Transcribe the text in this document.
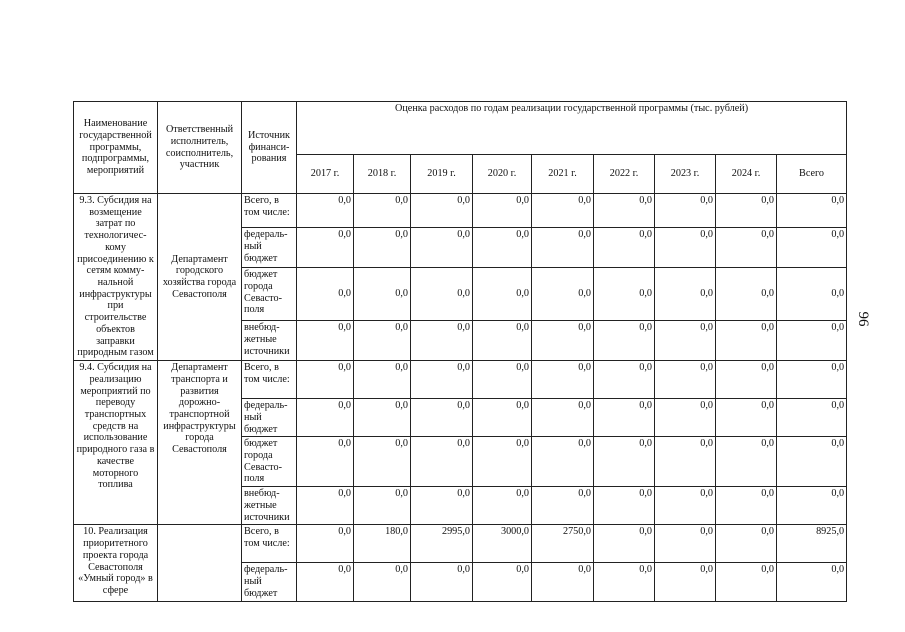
96
Наименование государственной программы, подпрограммы, мероприятий	Ответственный исполнитель, соисполнитель, участник	Источник финанси-рования	Оценка расходов по годам реализации государственной программы (тыс. рублей)								
			2017 г.	2018 г.	2019 г.	2020 г.	2021 г.	2022 г.	2023 г.	2024 г.	Всего
9.3. Субсидия на возмещение затрат по технологичес-кому присоединению к сетям комму-нальной инфраструктуры при строительстве объектов заправки природным газом	Департамент городского хозяйства города Севастополя	Всего, в том числе:	0,0	0,0	0,0	0,0	0,0	0,0	0,0	0,0	0,0
		федераль-ный бюджет	0,0	0,0	0,0	0,0	0,0	0,0	0,0	0,0	0,0
		бюджет города Севасто-поля	0,0	0,0	0,0	0,0	0,0	0,0	0,0	0,0	0,0
		внебюд-жетные источники	0,0	0,0	0,0	0,0	0,0	0,0	0,0	0,0	0,0
9.4. Субсидия на реализацию мероприятий по переводу транспортных средств на использование природного газа в качестве моторного топлива	Департамент транспорта и развития дорожно-транспортной инфраструктуры города Севастополя	Всего, в том числе:	0,0	0,0	0,0	0,0	0,0	0,0	0,0	0,0	0,0
		федераль-ный бюджет	0,0	0,0	0,0	0,0	0,0	0,0	0,0	0,0	0,0
		бюджет города Севасто-поля	0,0	0,0	0,0	0,0	0,0	0,0	0,0	0,0	0,0
		внебюд-жетные источники	0,0	0,0	0,0	0,0	0,0	0,0	0,0	0,0	0,0
10. Реализация приоритетного проекта города Севастополя «Умный город» в сфере		Всего, в том числе:	0,0	180,0	2995,0	3000,0	2750,0	0,0	0,0	0,0	8925,0
		федераль-ный бюджет	0,0	0,0	0,0	0,0	0,0	0,0	0,0	0,0	0,0
